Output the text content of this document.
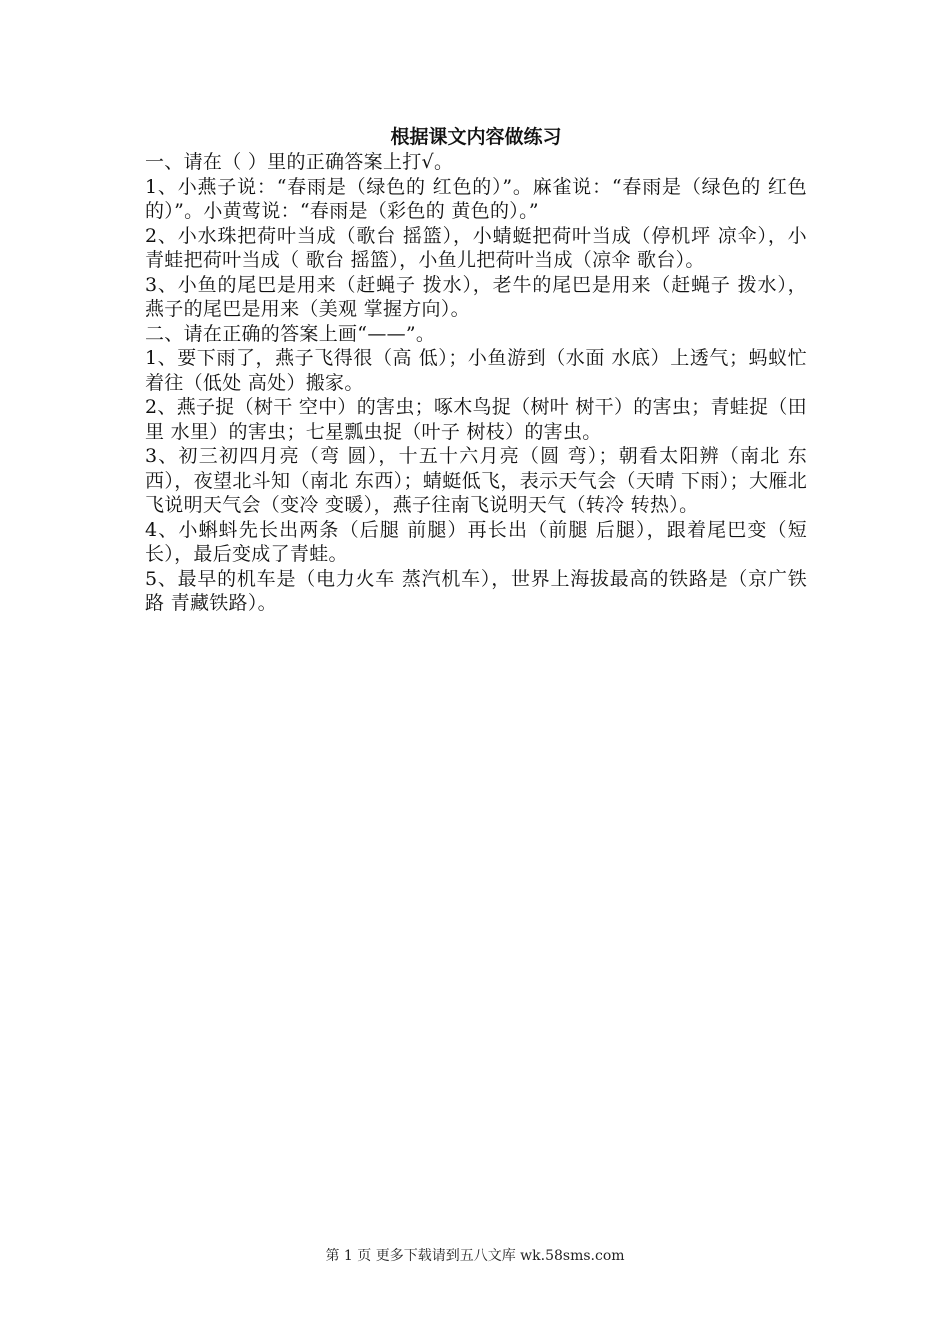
根据课文内容做练习

一、请在（ ）里的正确答案上打√。

1、小燕子说：“春雨是（绿色的 红色的）”。麻雀说：“春雨是（绿色的 红色的）”。小黄莺说：“春雨是（彩色的 黄色的）。”

2、小水珠把荷叶当成（歌台 摇篮），小蜻蜓把荷叶当成（停机坪 凉伞），小青蛙把荷叶当成（ 歌台 摇篮），小鱼儿把荷叶当成（凉伞 歌台）。

3、小鱼的尾巴是用来（赶蝇子 拨水），老牛的尾巴是用来（赶蝇子 拨水），燕子的尾巴是用来（美观 掌握方向）。

二、请在正确的答案上画“——”。

1、要下雨了，燕子飞得很（高 低）；小鱼游到（水面 水底）上透气；蚂蚁忙着往（低处 高处）搬家。

2、燕子捉（树干 空中）的害虫；啄木鸟捉（树叶 树干）的害虫；青蛙捉（田里 水里）的害虫；七星瓢虫捉（叶子 树枝）的害虫。

3、初三初四月亮（弯 圆），十五十六月亮（圆 弯）；朝看太阳辨（南北 东西），夜望北斗知（南北 东西）；蜻蜓低飞，表示天气会（天晴 下雨）；大雁北飞说明天气会（变冷 变暖），燕子往南飞说明天气（转冷 转热）。

4、小蝌蚪先长出两条（后腿 前腿）再长出（前腿 后腿），跟着尾巴变（短 长），最后变成了青蛙。

5、最早的机车是（电力火车 蒸汽机车），世界上海拔最高的铁路是（京广铁路 青藏铁路）。

第 1 页 更多下载请到五八文库 wk.58sms.com
